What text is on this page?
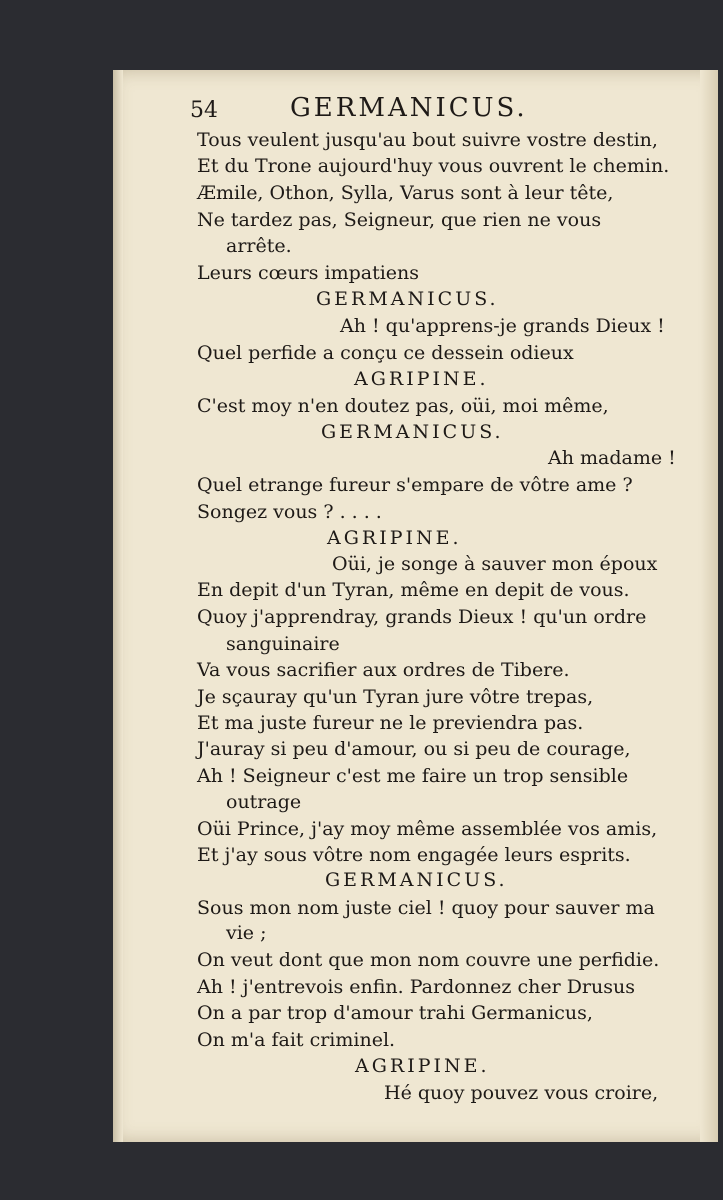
54	GERMANICUS.
Tous veulent jusqu'au bout suivre vostre destin,
Et du Trone aujourd'huy vous ouvrent le chemin.
Æmile, Othon, Sylla, Varus sont à leur tête,
Ne tardez pas, Seigneur, que rien ne vous
arrête.
Leurs cœurs impatiens
GERMANICUS.
Ah ! qu'apprens-je grands Dieux !
Quel perfide a conçu ce dessein odieux
AGRIPINE.
C'est moy n'en doutez pas, oüi, moi même,
GERMANICUS.
Ah madame !
Quel etrange fureur s'empare de vôtre ame ?
Songez vous ? . . . .
AGRIPINE.
Oüi, je songe à sauver mon époux
En depit d'un Tyran, même en depit de vous.
Quoy j'apprendray, grands Dieux ! qu'un ordre
sanguinaire
Va vous sacrifier aux ordres de Tibere.
Je sçauray qu'un Tyran jure vôtre trepas,
Et ma juste fureur ne le previendra pas.
J'auray si peu d'amour, ou si peu de courage,
Ah ! Seigneur c'est me faire un trop sensible
outrage
Oüi Prince, j'ay moy même assemblée vos amis,
Et j'ay sous vôtre nom engagée leurs esprits.
GERMANICUS.
Sous mon nom juste ciel ! quoy pour sauver ma
vie ;
On veut dont que mon nom couvre une perfidie.
Ah ! j'entrevois enfin. Pardonnez cher Drusus
On a par trop d'amour trahi Germanicus,
On m'a fait criminel.
AGRIPINE.
Hé quoy pouvez vous croire,
